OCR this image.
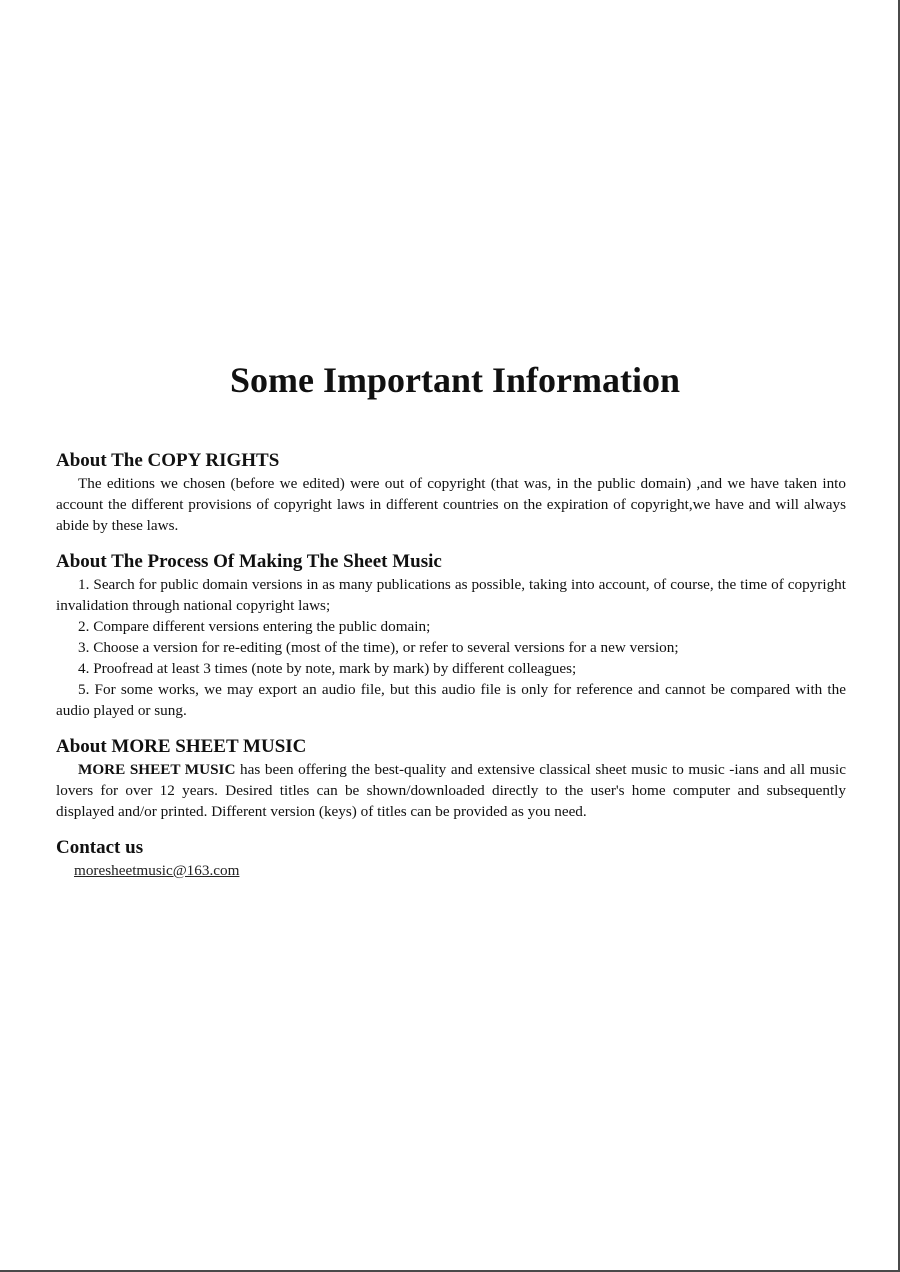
Some Important Information
About The COPY RIGHTS

The editions we chosen (before we edited) were out of copyright (that was, in the public domain) ,and we have taken into account the different provisions of copyright laws in different countries on the expiration of copyright,we have and will always abide by these laws.

About The Process Of Making The Sheet Music

1. Search for public domain versions in as many publications as possible, taking into account, of course, the time of copyright invalidation through national copyright laws;

2. Compare different versions entering the public domain;

3. Choose a version for re-editing (most of the time), or refer to several versions for a new version;

4. Proofread at least 3 times (note by note, mark by mark) by different colleagues;

5. For some works, we may export an audio file, but this audio file is only for reference and cannot be compared with the audio played or sung.

About MORE SHEET MUSIC

MORE SHEET MUSIC has been offering the best-quality and extensive classical sheet music to music -ians and all music lovers for over 12 years. Desired titles can be shown/downloaded directly to the user's home computer and subsequently displayed and/or printed. Different version (keys) of titles can be provided as you need.

Contact us
moresheetmusic@163.com
